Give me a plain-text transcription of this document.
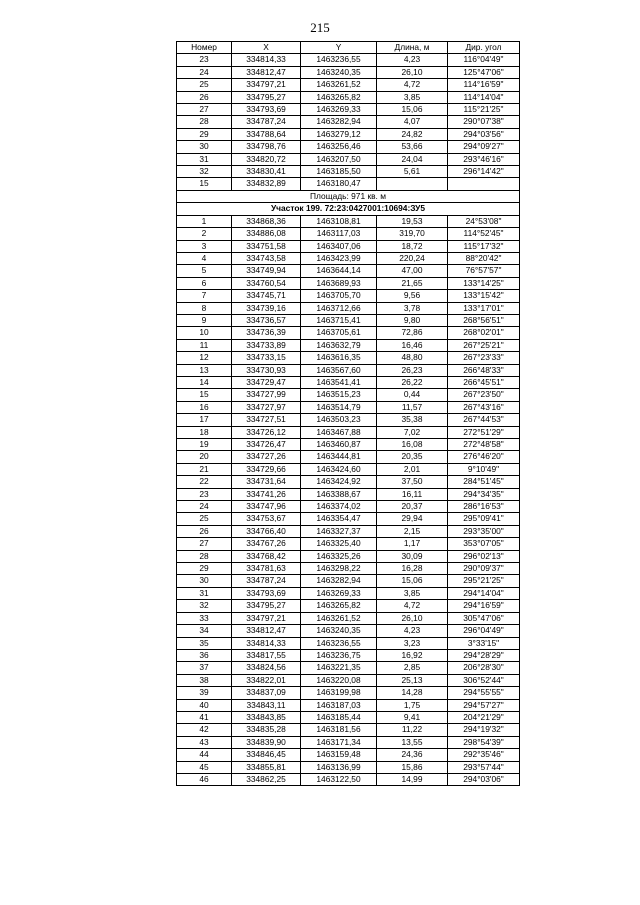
215
Номер	X	Y	Длина, м	Дир. угол
23	334814,33	1463236,55	4,23	116°04'49"
24	334812,47	1463240,35	26,10	125°47'06"
25	334797,21	1463261,52	4,72	114°16'59"
26	334795,27	1463265,82	3,85	114°14'04"
27	334793,69	1463269,33	15,06	115°21'25"
28	334787,24	1463282,94	4,07	290°07'38"
29	334788,64	1463279,12	24,82	294°03'56"
30	334798,76	1463256,46	53,66	294°09'27"
31	334820,72	1463207,50	24,04	293°46'16"
32	334830,41	1463185,50	5,61	296°14'42"
15	334832,89	1463180,47		
Площадь: 971 кв. м				
Участок 199. 72:23:0427001:10694:ЗУ5				
1	334868,36	1463108,81	19,53	24°53'08"
2	334886,08	1463117,03	319,70	114°52'45"
3	334751,58	1463407,06	18,72	115°17'32"
4	334743,58	1463423,99	220,24	88°20'42"
5	334749,94	1463644,14	47,00	76°57'57"
6	334760,54	1463689,93	21,65	133°14'25"
7	334745,71	1463705,70	9,56	133°15'42"
8	334739,16	1463712,66	3,78	133°17'01"
9	334736,57	1463715,41	9,80	268°56'51"
10	334736,39	1463705,61	72,86	268°02'01"
11	334733,89	1463632,79	16,46	267°25'21"
12	334733,15	1463616,35	48,80	267°23'33"
13	334730,93	1463567,60	26,23	266°48'33"
14	334729,47	1463541,41	26,22	266°45'51"
15	334727,99	1463515,23	0,44	267°23'50"
16	334727,97	1463514,79	11,57	267°43'16"
17	334727,51	1463503,23	35,38	267°44'53"
18	334726,12	1463467,88	7,02	272°51'29"
19	334726,47	1463460,87	16,08	272°48'58"
20	334727,26	1463444,81	20,35	276°46'20"
21	334729,66	1463424,60	2,01	9°10'49"
22	334731,64	1463424,92	37,50	284°51'45"
23	334741,26	1463388,67	16,11	294°34'35"
24	334747,96	1463374,02	20,37	286°16'53"
25	334753,67	1463354,47	29,94	295°09'41"
26	334766,40	1463327,37	2,15	293°35'00"
27	334767,26	1463325,40	1,17	353°07'05"
28	334768,42	1463325,26	30,09	296°02'13"
29	334781,63	1463298,22	16,28	290°09'37"
30	334787,24	1463282,94	15,06	295°21'25"
31	334793,69	1463269,33	3,85	294°14'04"
32	334795,27	1463265,82	4,72	294°16'59"
33	334797,21	1463261,52	26,10	305°47'06"
34	334812,47	1463240,35	4,23	296°04'49"
35	334814,33	1463236,55	3,23	3°33'15"
36	334817,55	1463236,75	16,92	294°28'29"
37	334824,56	1463221,35	2,85	206°28'30"
38	334822,01	1463220,08	25,13	306°52'44"
39	334837,09	1463199,98	14,28	294°55'55"
40	334843,11	1463187,03	1,75	294°57'27"
41	334843,85	1463185,44	9,41	204°21'29"
42	334835,28	1463181,56	11,22	294°19'32"
43	334839,90	1463171,34	13,55	298°54'39"
44	334846,45	1463159,48	24,36	292°35'46"
45	334855,81	1463136,99	15,86	293°57'44"
46	334862,25	1463122,50	14,99	294°03'06"
